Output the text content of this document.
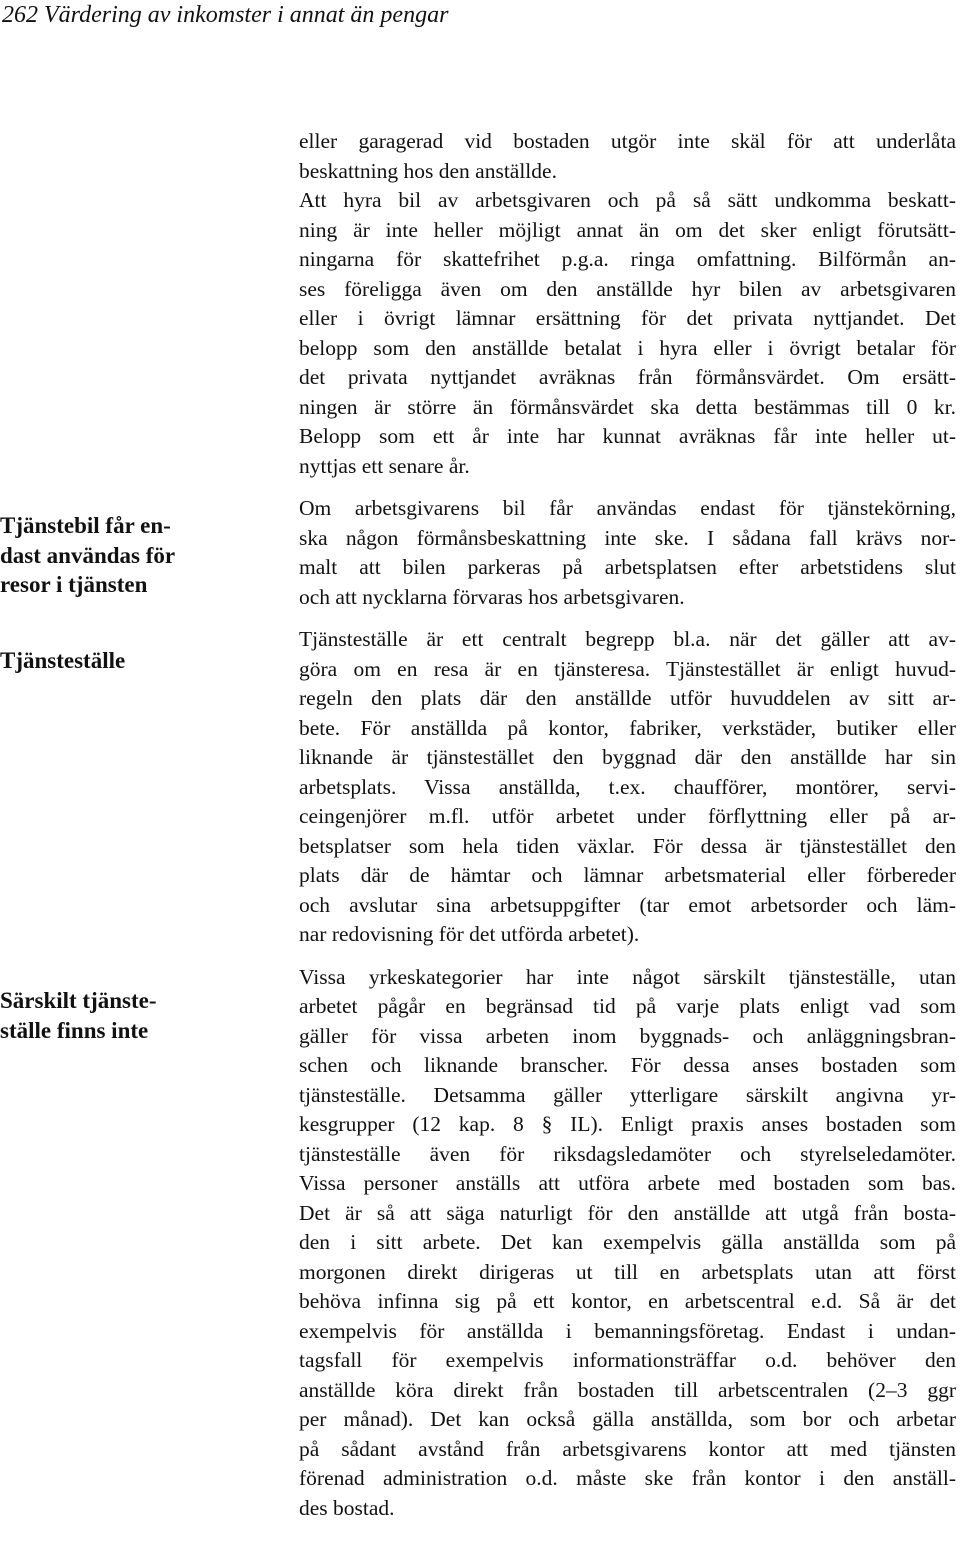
262 Värdering av inkomster i annat än pengar
Tjänstebil får en-
dast användas för
resor i tjänsten
Tjänsteställe
Särskilt tjänste-
ställe finns inte
eller garagerad vid bostaden utgör inte skäl för att underlåta
beskattning hos den anställde.
Att hyra bil av arbetsgivaren och på så sätt undkomma beskatt-
ning är inte heller möjligt annat än om det sker enligt förutsätt-
ningarna för skattefrihet p.g.a. ringa omfattning. Bilförmån an-
ses föreligga även om den anställde hyr bilen av arbetsgivaren
eller i övrigt lämnar ersättning för det privata nyttjandet. Det
belopp som den anställde betalat i hyra eller i övrigt betalar för
det privata nyttjandet avräknas från förmånsvärdet. Om ersätt-
ningen är större än förmånsvärdet ska detta bestämmas till 0 kr.
Belopp som ett år inte har kunnat avräknas får inte heller ut-
nyttjas ett senare år.
Om arbetsgivarens bil får användas endast för tjänstekörning,
ska någon förmånsbeskattning inte ske. I sådana fall krävs nor-
malt att bilen parkeras på arbetsplatsen efter arbetstidens slut
och att nycklarna förvaras hos arbetsgivaren.
Tjänsteställe är ett centralt begrepp bl.a. när det gäller att av-
göra om en resa är en tjänsteresa. Tjänstestället är enligt huvud-
regeln den plats där den anställde utför huvuddelen av sitt ar-
bete. För anställda på kontor, fabriker, verkstäder, butiker eller
liknande är tjänstestället den byggnad där den anställde har sin
arbetsplats. Vissa anställda, t.ex. chaufförer, montörer, servi-
ceingenjörer m.fl. utför arbetet under förflyttning eller på ar-
betsplatser som hela tiden växlar. För dessa är tjänstestället den
plats där de hämtar och lämnar arbetsmaterial eller förbereder
och avslutar sina arbetsuppgifter (tar emot arbetsorder och läm-
nar redovisning för det utförda arbetet).
Vissa yrkeskategorier har inte något särskilt tjänsteställe, utan
arbetet pågår en begränsad tid på varje plats enligt vad som
gäller för vissa arbeten inom byggnads- och anläggningsbran-
schen och liknande branscher. För dessa anses bostaden som
tjänsteställe. Detsamma gäller ytterligare särskilt angivna yr-
kesgrupper (12 kap. 8 § IL). Enligt praxis anses bostaden som
tjänsteställe även för riksdagsledamöter och styrelseledamöter.
Vissa personer anställs att utföra arbete med bostaden som bas.
Det är så att säga naturligt för den anställde att utgå från bosta-
den i sitt arbete. Det kan exempelvis gälla anställda som på
morgonen direkt dirigeras ut till en arbetsplats utan att först
behöva infinna sig på ett kontor, en arbetscentral e.d. Så är det
exempelvis för anställda i bemanningsföretag. Endast i undan-
tagsfall för exempelvis informationsträffar o.d. behöver den
anställde köra direkt från bostaden till arbetscentralen (2–3 ggr
per månad). Det kan också gälla anställda, som bor och arbetar
på sådant avstånd från arbetsgivarens kontor att med tjänsten
förenad administration o.d. måste ske från kontor i den anställ-
des bostad.
